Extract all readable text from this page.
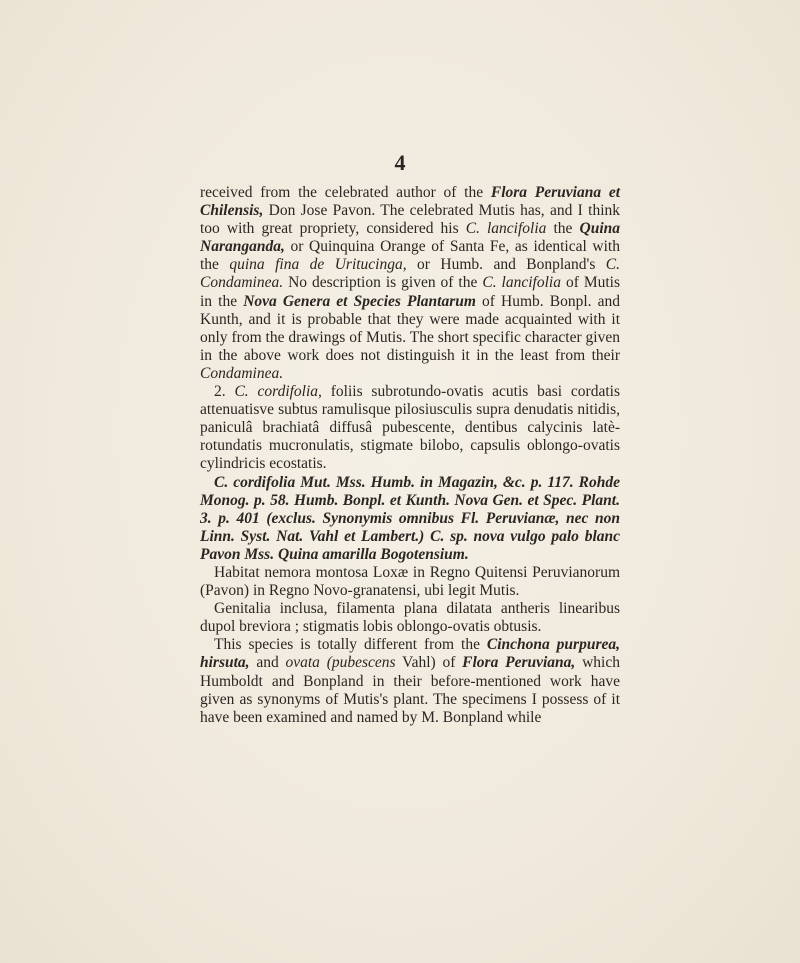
4

received from the celebrated author of the Flora Peruviana et Chilensis, Don Jose Pavon. The celebrated Mutis has, and I think too with great propriety, considered his C. lancifolia the Quina Naranganda, or Quinquina Orange of Santa Fe, as identical with the quina fina de Uritucinga, or Humb. and Bonpland's C. Condaminea. No description is given of the C. lancifolia of Mutis in the Nova Genera et Species Plantarum of Humb. Bonpl. and Kunth, and it is probable that they were made acquainted with it only from the drawings of Mutis. The short specific character given in the above work does not distinguish it in the least from their Condaminea.

2. C. cordifolia, foliis subrotundo-ovatis acutis basi cordatis attenuatisve subtus ramulisque pilosiusculis supra denudatis nitidis, paniculâ brachiatâ diffusâ pubescente, dentibus calycinis latè-rotundatis mucronulatis, stigmate bilobo, capsulis oblongo-ovatis cylindricis ecostatis.

C. cordifolia Mut. Mss. Humb. in Magazin, &c. p. 117. Rohde Monog. p. 58. Humb. Bonpl. et Kunth. Nova Gen. et Spec. Plant. 3. p. 401 (exclus. Synonymis omnibus Fl. Peruvianæ, nec non Linn. Syst. Nat. Vahl et Lambert.) C. sp. nova vulgo palo blanc Pavon Mss. Quina amarilla Bogotensium.

Habitat nemora montosa Loxæ in Regno Quitensi Peruvianorum (Pavon) in Regno Novo-granatensi, ubi legit Mutis.

Genitalia inclusa, filamenta plana dilatata antheris linearibus dupol breviora ; stigmatis lobis oblongo-ovatis obtusis.

This species is totally different from the Cinchona purpurea, hirsuta, and ovata (pubescens Vahl) of Flora Peruviana, which Humboldt and Bonpland in their before-mentioned work have given as synonyms of Mutis's plant. The specimens I possess of it have been examined and named by M. Bonpland while
